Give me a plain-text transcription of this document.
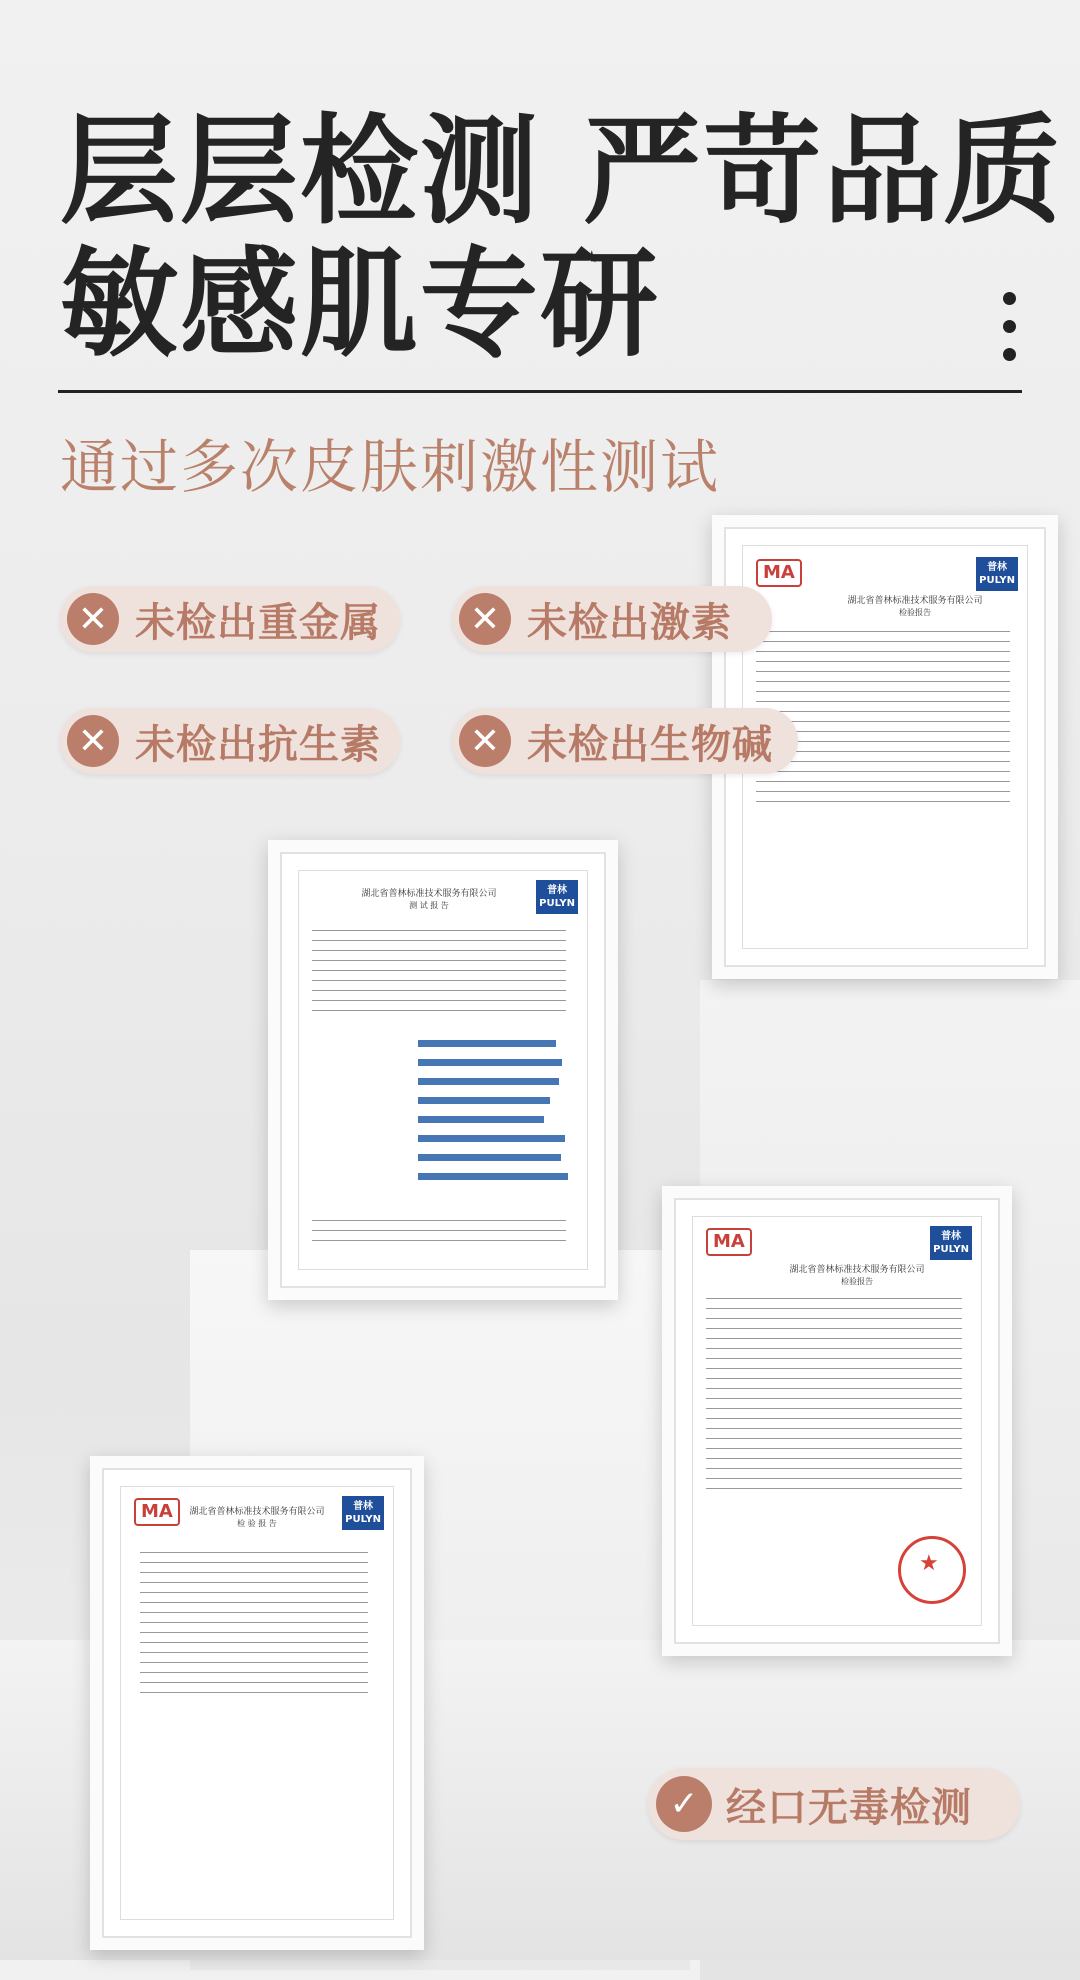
层层检测 严苛品质
敏感肌专研
通过多次皮肤刺激性测试
MA	普林
PULYN
湖北省普林标准技术服务有限公司
检验报告
✕ 未检出重金属	✕ 未检出激素
✕ 未检出抗生素	✕ 未检出生物碱
普林
PULYN
湖北省普林标准技术服务有限公司
测 试 报 告
MA	普林
PULYN
湖北省普林标准技术服务有限公司
检验报告
★
MA	普林
PULYN
湖北省普林标准技术服务有限公司
检 验 报 告
✓ 经口无毒检测
